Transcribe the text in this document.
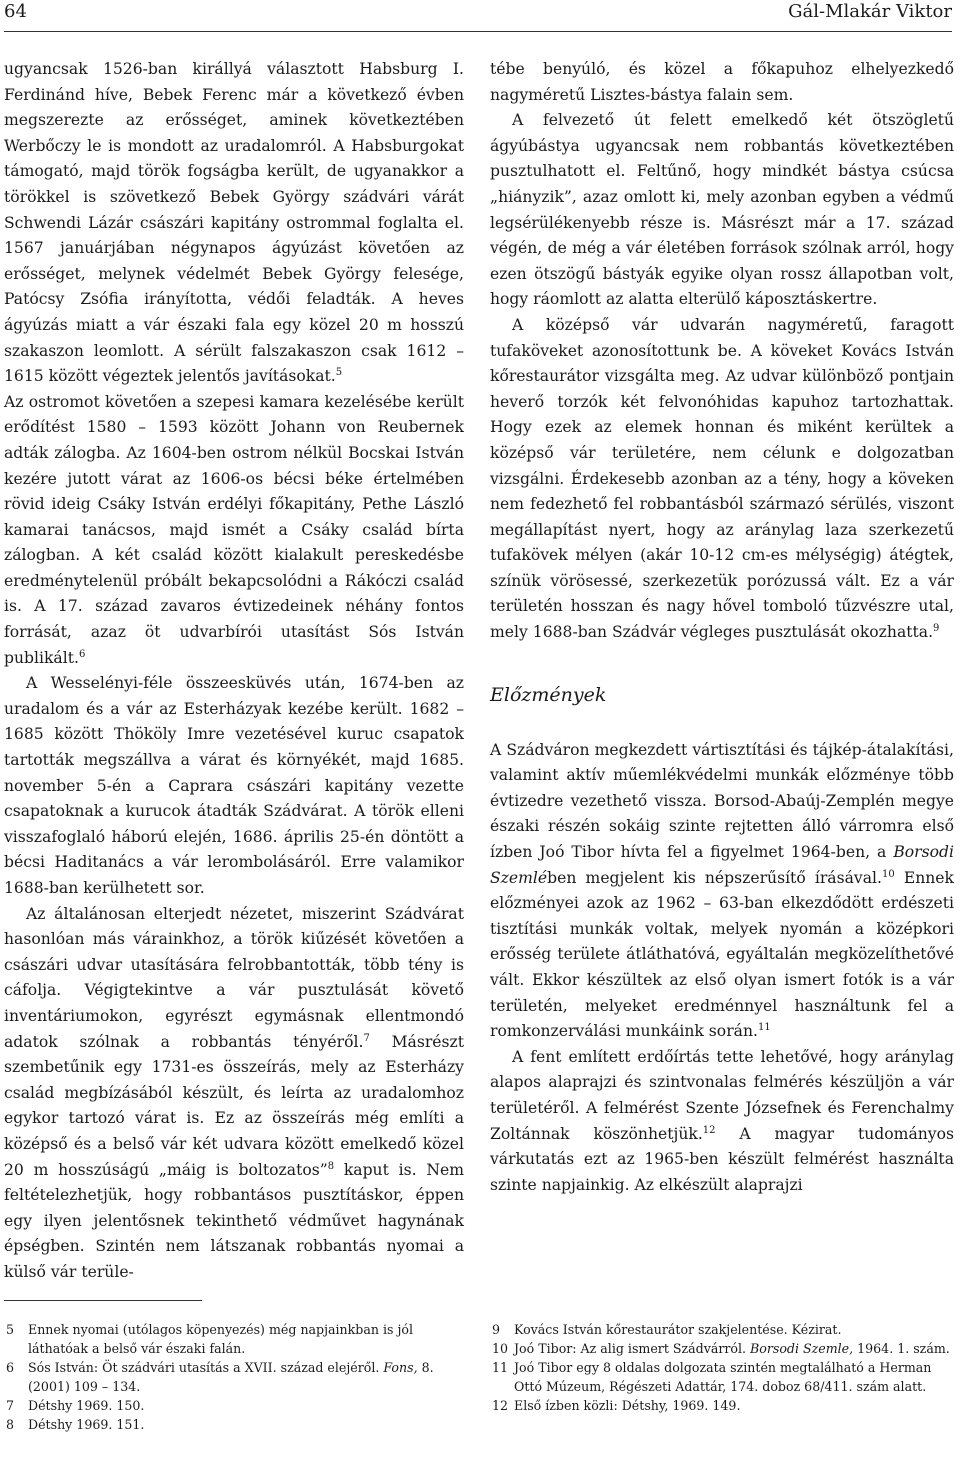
64	Gál-Mlakár Viktor

ugyancsak 1526-ban királlyá választott Habsburg I. Ferdinánd híve, Bebek Ferenc már a következő évben megszerezte az erősséget, aminek következtében Werbőczy le is mondott az uradalomról. A Habsburgokat támogató, majd török fogságba került, de ugyanakkor a törökkel is szövetkező Bebek György szádvári várát Schwendi Lázár császári kapitány ostrommal foglalta el. 1567 januárjában négynapos ágyúzást követően az erősséget, melynek védelmét Bebek György felesége, Patócsy Zsófia irányította, védői feladták. A heves ágyúzás miatt a vár északi fala egy közel 20 m hosszú szakaszon leomlott. A sérült falszakaszon csak 1612 – 1615 között végeztek jelentős javításokat.$^5$

Az ostromot követően a szepesi kamara kezelésébe került erődítést 1580 – 1593 között Johann von Reubernek adták zálogba. Az 1604-ben ostrom nélkül Bocskai István kezére jutott várat az 1606-os bécsi béke értelmében rövid ideig Csáky István erdélyi főkapitány, Pethe László kamarai tanácsos, majd ismét a Csáky család bírta zálogban. A két család között kialakult pereskedésbe eredménytelenül próbált bekapcsolódni a Rákóczi család is. A 17. század zavaros évtizedeinek néhány fontos forrását, azaz öt udvarbírói utasítást Sós István publikált.$^6$

A Wesselényi-féle összeesküvés után, 1674-ben az uradalom és a vár az Esterházyak kezébe került. 1682 – 1685 között Thököly Imre vezetésével kuruc csapatok tartották megszállva a várat és környékét, majd 1685. november 5-én a Caprara császári kapitány vezette csapatoknak a kurucok átadták Szádvárat. A török elleni visszafoglaló háború elején, 1686. április 25-én döntött a bécsi Haditanács a vár lerombolásáról. Erre valamikor 1688-ban kerülhetett sor.

Az általánosan elterjedt nézetet, miszerint Szádvárat hasonlóan más várainkhoz, a török kiűzését követően a császári udvar utasítására felrobbantották, több tény is cáfolja. Végigtekintve a vár pusztulását követő inventáriumokon, egyrészt egymásnak ellentmondó adatok szólnak a robbantás tényéről.$^7$ Másrészt szembetűnik egy 1731-es összeírás, mely az Esterházy család megbízásából készült, és leírta az uradalomhoz egykor tartozó várat is. Ez az összeírás még említi a középső és a belső vár két udvara között emelkedő közel 20 m hosszúságú „máig is boltozatos”$^8$ kaput is. Nem feltételezhetjük, hogy robbantásos pusztításkor, éppen egy ilyen jelentősnek tekinthető védművet hagynának épségben. Szintén nem látszanak robbantás nyomai a külső vár terüle-

tébe benyúló, és közel a főkapuhoz elhelyezkedő nagyméretű Lisztes-bástya falain sem.

A felvezető út felett emelkedő két ötszögletű ágyúbástya ugyancsak nem robbantás következtében pusztulhatott el. Feltűnő, hogy mindkét bástya csúcsa „hiányzik”, azaz omlott ki, mely azonban egyben a védmű legsérülékenyebb része is. Másrészt már a 17. század végén, de még a vár életében források szólnak arról, hogy ezen ötszögű bástyák egyike olyan rossz állapotban volt, hogy ráomlott az alatta elterülő káposztáskertre.

A középső vár udvarán nagyméretű, faragott tufaköveket azonosítottunk be. A köveket Kovács István kőrestaurátor vizsgálta meg. Az udvar különböző pontjain heverő torzók két felvonóhidas kapuhoz tartozhattak. Hogy ezek az elemek honnan és miként kerültek a középső vár területére, nem célunk e dolgozatban vizsgálni. Érdekesebb azonban az a tény, hogy a köveken nem fedezhető fel robbantásból származó sérülés, viszont megállapítást nyert, hogy az aránylag laza szerkezetű tufakövek mélyen (akár 10-12 cm-es mélységig) átégtek, színük vörösessé, szerkezetük porózussá vált. Ez a vár területén hosszan és nagy hővel tomboló tűzvészre utal, mely 1688-ban Szádvár végleges pusztulását okozhatta.$^9$

Előzmények

A Szádváron megkezdett vártisztítási és tájkép-átalakítási, valamint aktív műemlékvédelmi munkák előzménye több évtizedre vezethető vissza. Borsod-Abaúj-Zemplén megye északi részén sokáig szinte rejtetten álló várromra első ízben Joó Tibor hívta fel a figyelmet 1964-ben, a Borsodi Szemlében megjelent kis népszerűsítő írásával.$^{10}$ Ennek előzményei azok az 1962 – 63-ban elkezdődött erdészeti tisztítási munkák voltak, melyek nyomán a középkori erősség területe átláthatóvá, egyáltalán megközelíthetővé vált. Ekkor készültek az első olyan ismert fotók is a vár területén, melyeket eredménnyel használtunk fel a romkonzerválási munkáink során.$^{11}$

A fent említett erdőírtás tette lehetővé, hogy aránylag alapos alaprajzi és szintvonalas felmérés készüljön a vár területéről. A felmérést Szente Józsefnek és Ferenchalmy Zoltánnak köszönhetjük.$^{12}$ A magyar tudományos várkutatás ezt az 1965-ben készült felmérést használta szinte napjainkig. Az elkészült alaprajzi

5 Ennek nyomai (utólagos köpenyezés) még napjainkban is jól láthatóak a belső vár északi falán.
6 Sós István: Öt szádvári utasítás a XVII. század elejéről. Fons, 8. (2001) 109 – 134.
7 Détshy 1969. 150.
8 Détshy 1969. 151.
9 Kovács István kőrestaurátor szakjelentése. Kézirat.
10 Joó Tibor: Az alig ismert Szádvárról. Borsodi Szemle, 1964. 1. szám.
11 Joó Tibor egy 8 oldalas dolgozata szintén megtalálható a Herman Ottó Múzeum, Régészeti Adattár, 174. doboz 68/411. szám alatt.
12 Első ízben közli: Détshy, 1969. 149.
